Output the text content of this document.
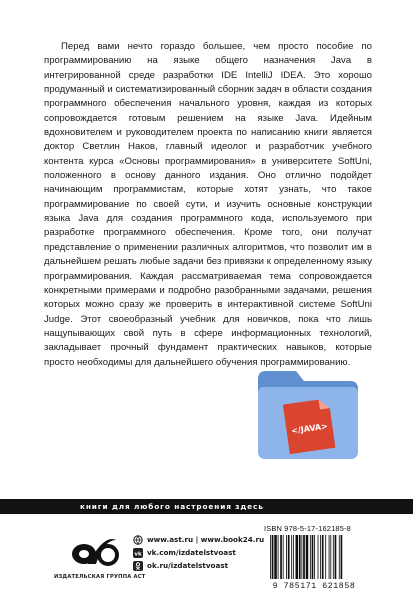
Перед вами нечто гораздо большее, чем просто пособие по программированию на языке общего назначения Java в интегрированной среде разработки IDE IntelliJ IDEA. Это хорошо продуманный и систематизированный сборник задач в области создания программного обеспечения начального уровня, каждая из которых сопровождается готовым решением на языке Java. Идейным вдохновителем и руководителем проекта по написанию книги является доктор Светлин Наков, главный идеолог и разработчик учебного контента курса «Основы программирования» в университете SoftUni, положенного в основу данного издания. Оно отлично подойдет начинающим программистам, которые хотят узнать, что такое программирование по своей сути, и изучить основные конструкции языка Java для создания программного кода, используемого при разработке программного обеспечения. Кроме того, они получат представление о применении различных алгоритмов, что позволит им в дальнейшем решать любые задачи без привязки к определенному языку программирования. Каждая рассматриваемая тема сопровождается конкретными примерами и подробно разобранными задачами, решения которых можно сразу же проверить в интерактивной системе SoftUni Judge. Этот своеобразный учебник для новичков, пока что лишь нащупывающих свой путь в сфере информационных технологий, закладывает прочный фундамент практических навыков, которые просто необходимы для дальнейшего обучения программированию.

</JAVA>
книги для любого настроения здесь
ИЗДАТЕЛЬСКАЯ ГРУППА АСТ
www.ast.ru | www.book24.ru
vk vk.com/izdatelstvoast
ok.ru/izdatelstvoast
ISBN 978-5-17-162185-8
9 785171 621858
